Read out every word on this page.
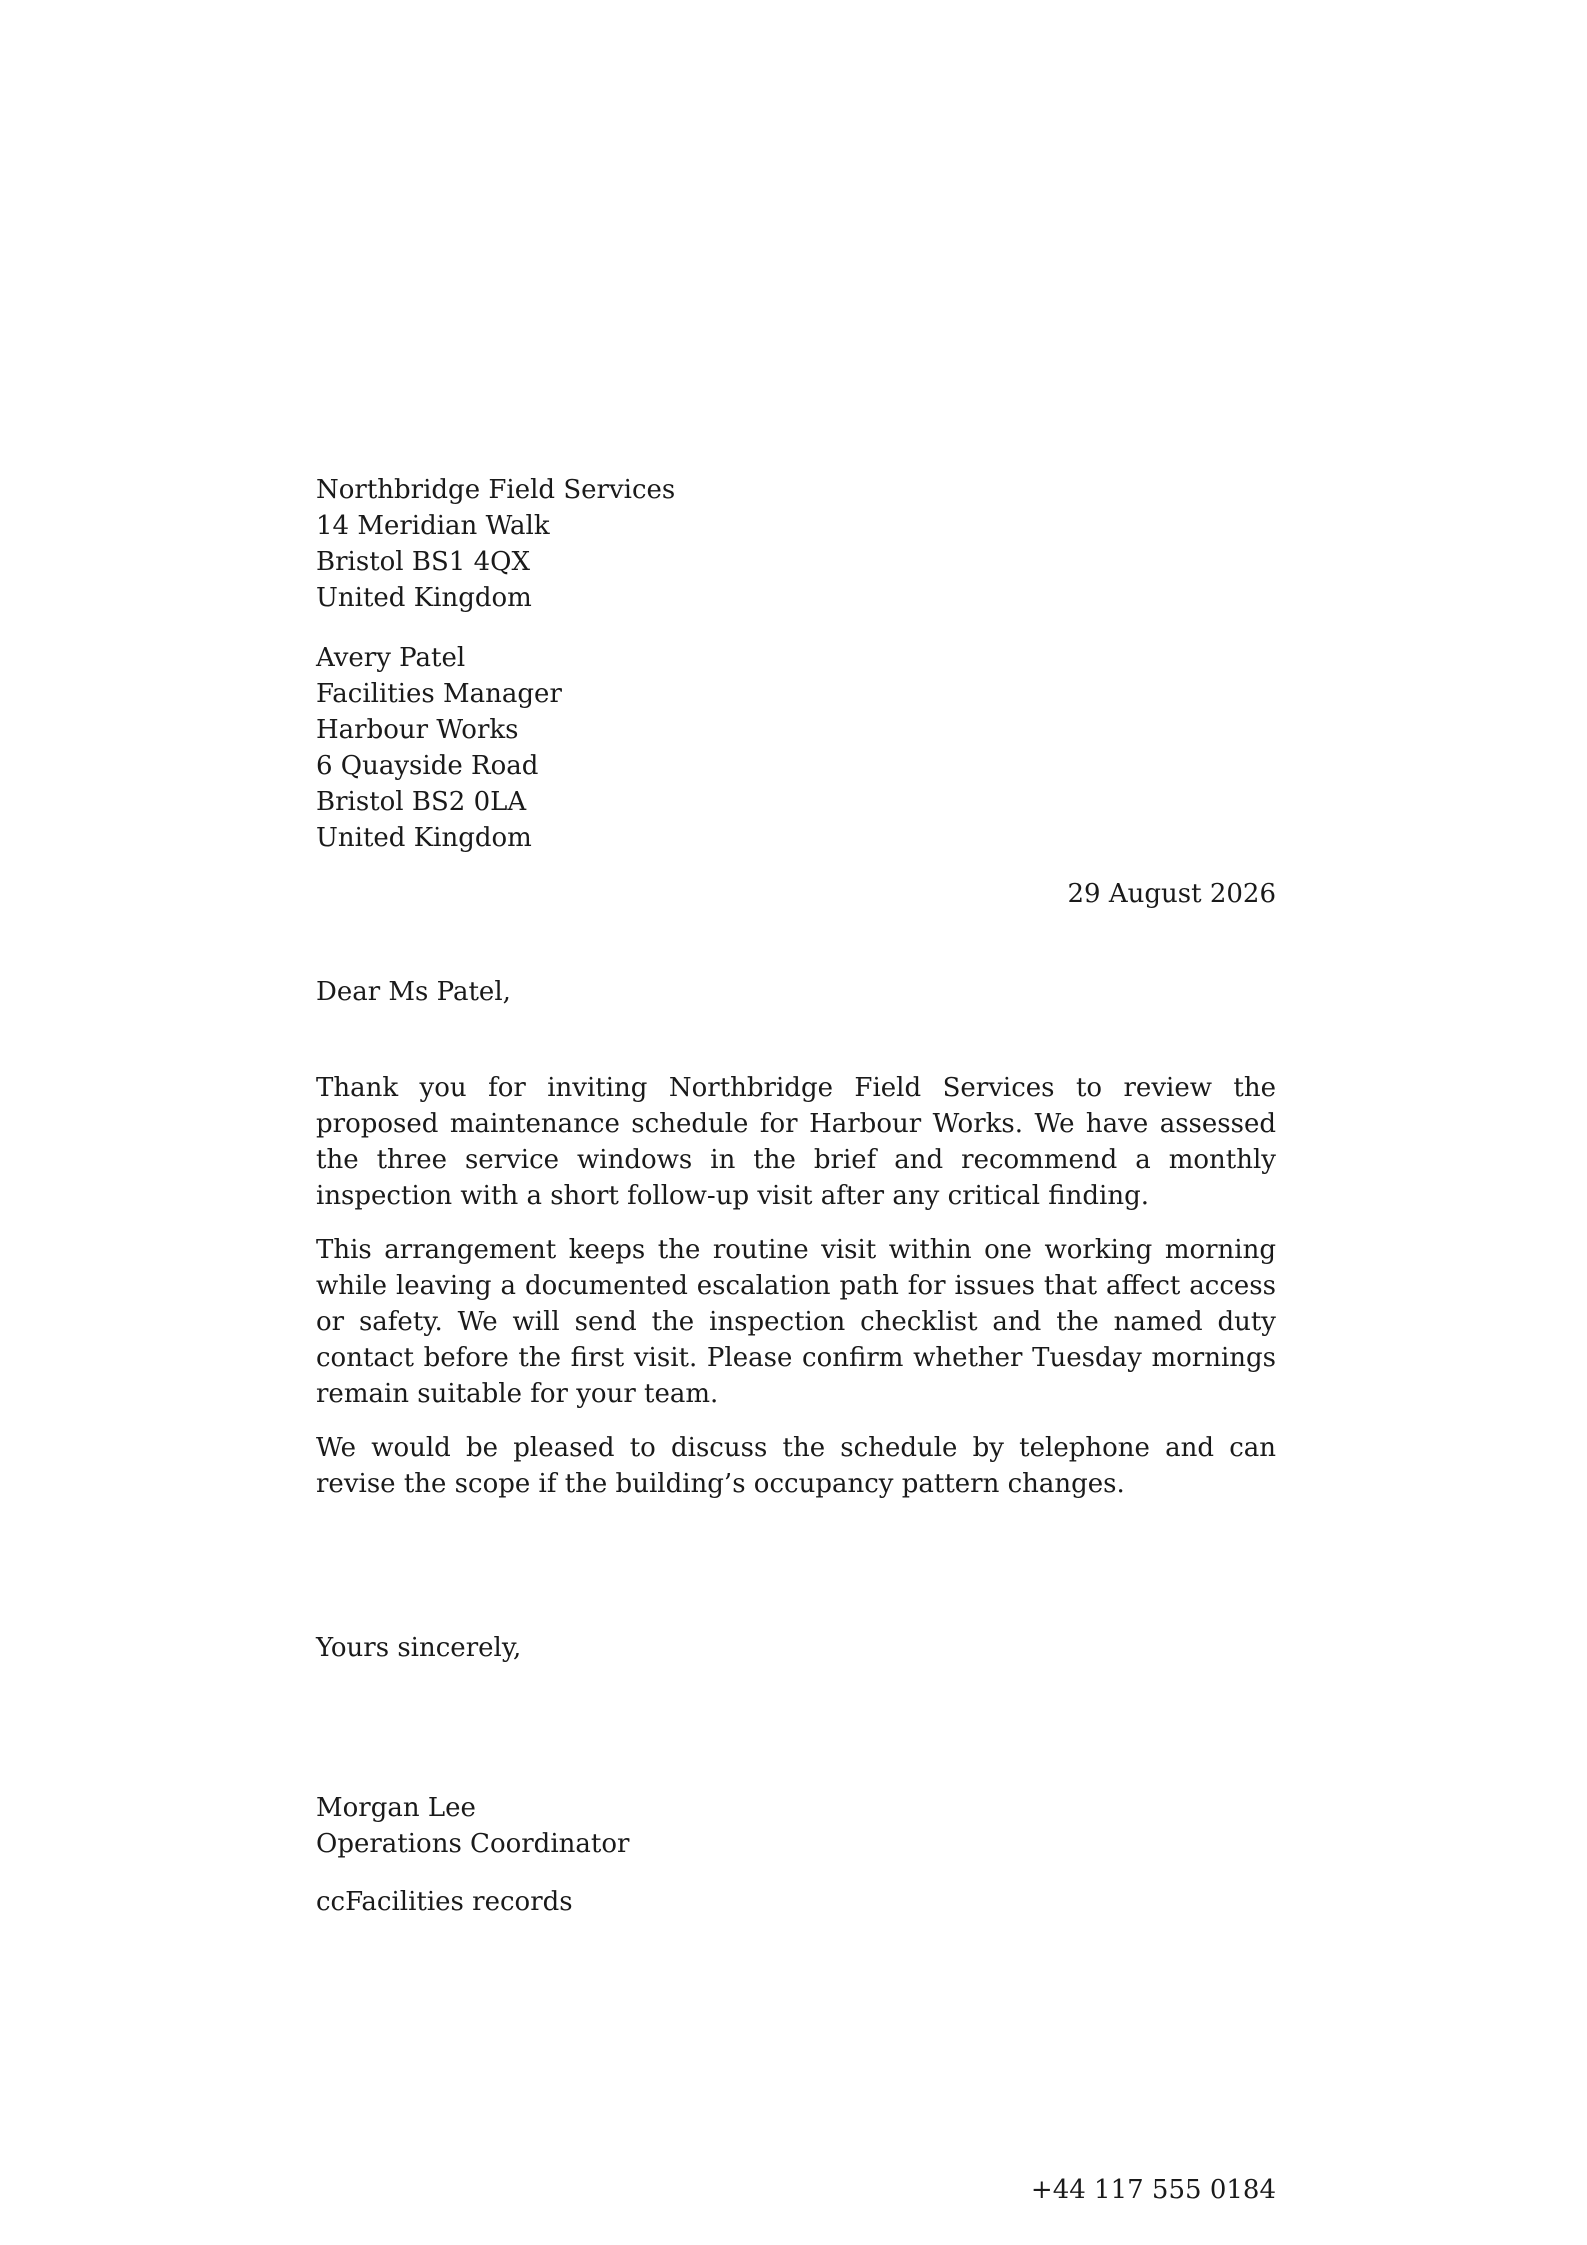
Northbridge Field Services
14 Meridian Walk
Bristol BS1 4QX
United Kingdom
Avery Patel
Facilities Manager
Harbour Works
6 Quayside Road
Bristol BS2 0LA
United Kingdom
29 August 2026
Dear Ms Patel,
Thank you for inviting Northbridge Field Services to review the proposed maintenance schedule for Harbour Works. We have assessed the three service windows in the brief and recommend a monthly inspection with a short follow-up visit after any critical finding.
This arrangement keeps the routine visit within one working morning while leaving a documented escalation path for issues that affect access or safety. We will send the inspection checklist and the named duty contact before the first visit. Please confirm whether Tuesday mornings remain suitable for your team.
We would be pleased to discuss the schedule by telephone and can revise the scope if the building’s occupancy pattern changes.
Yours sincerely,
Morgan Lee
Operations Coordinator
ccFacilities records
+44 117 555 0184
